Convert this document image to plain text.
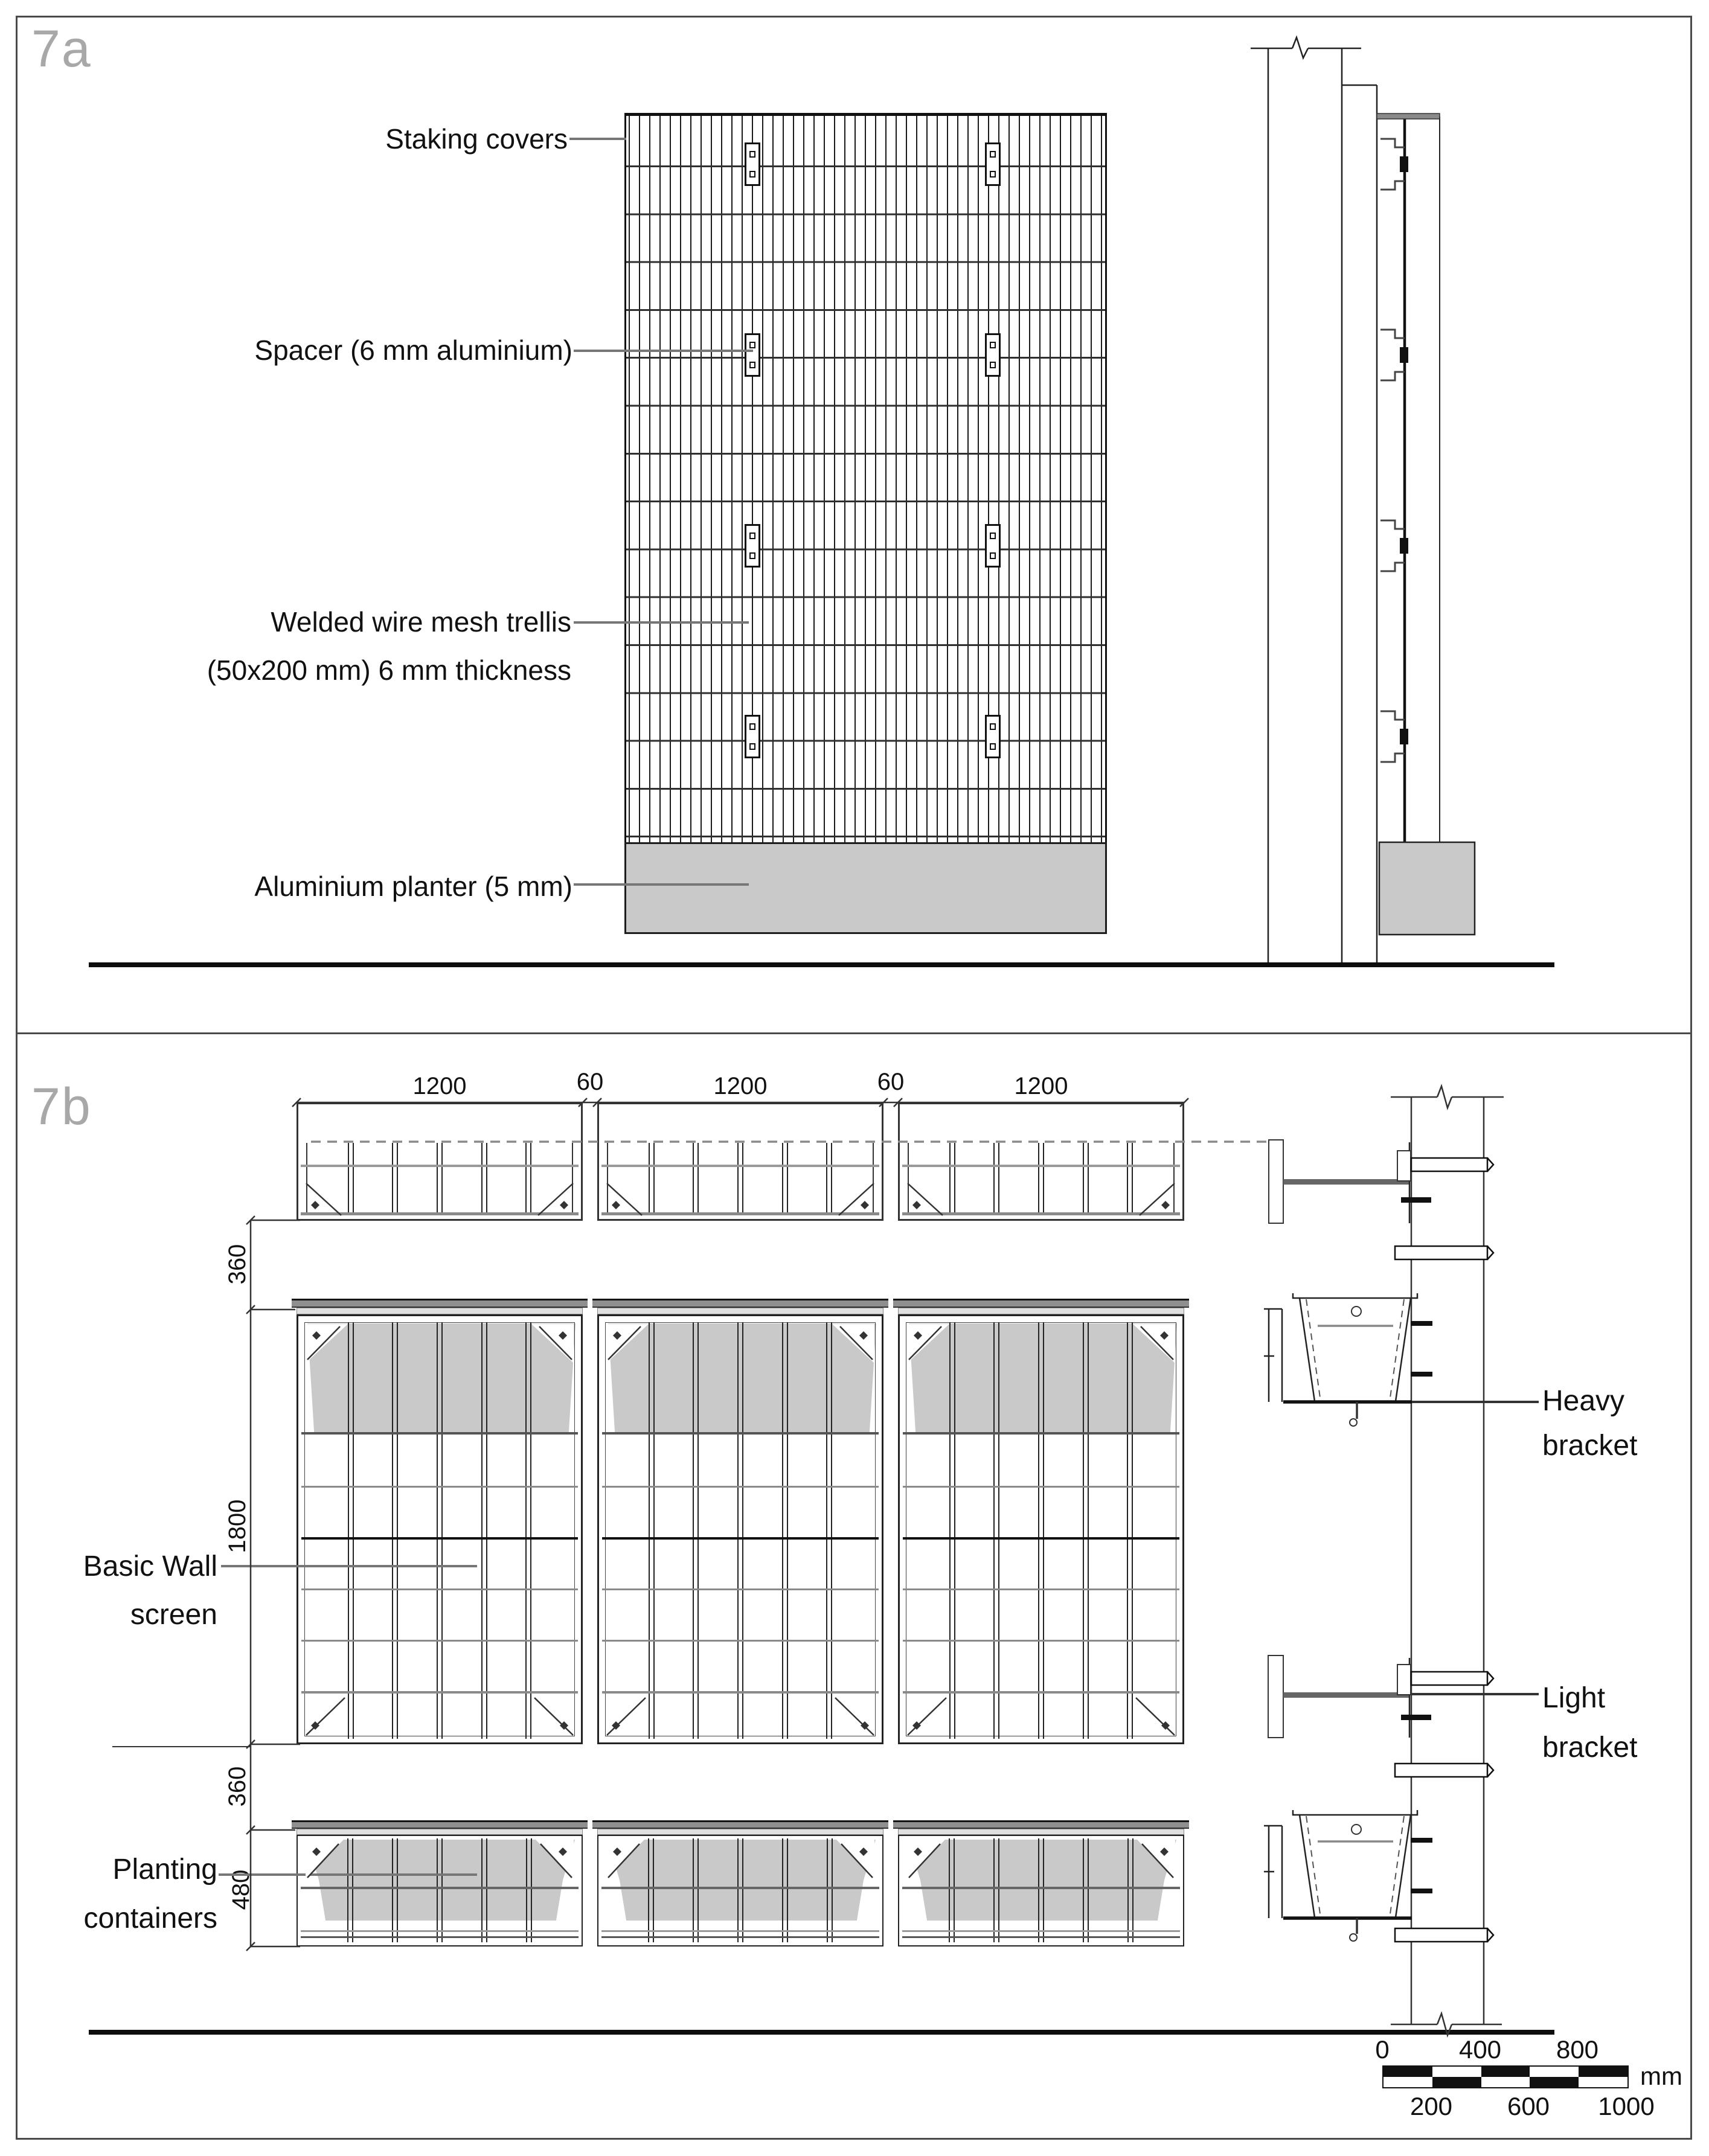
7a
Staking covers
Spacer (6 mm aluminium)
Welded wire mesh trellis
(50x200 mm) 6 mm thickness
Aluminium planter (5 mm)
7b	1200	60	1200	60	1200
360
1800
360
480
Basic Wall
screen
Planting
containers
Heavy
bracket
Light
bracket
0	400 800
mm
200 600 1000
